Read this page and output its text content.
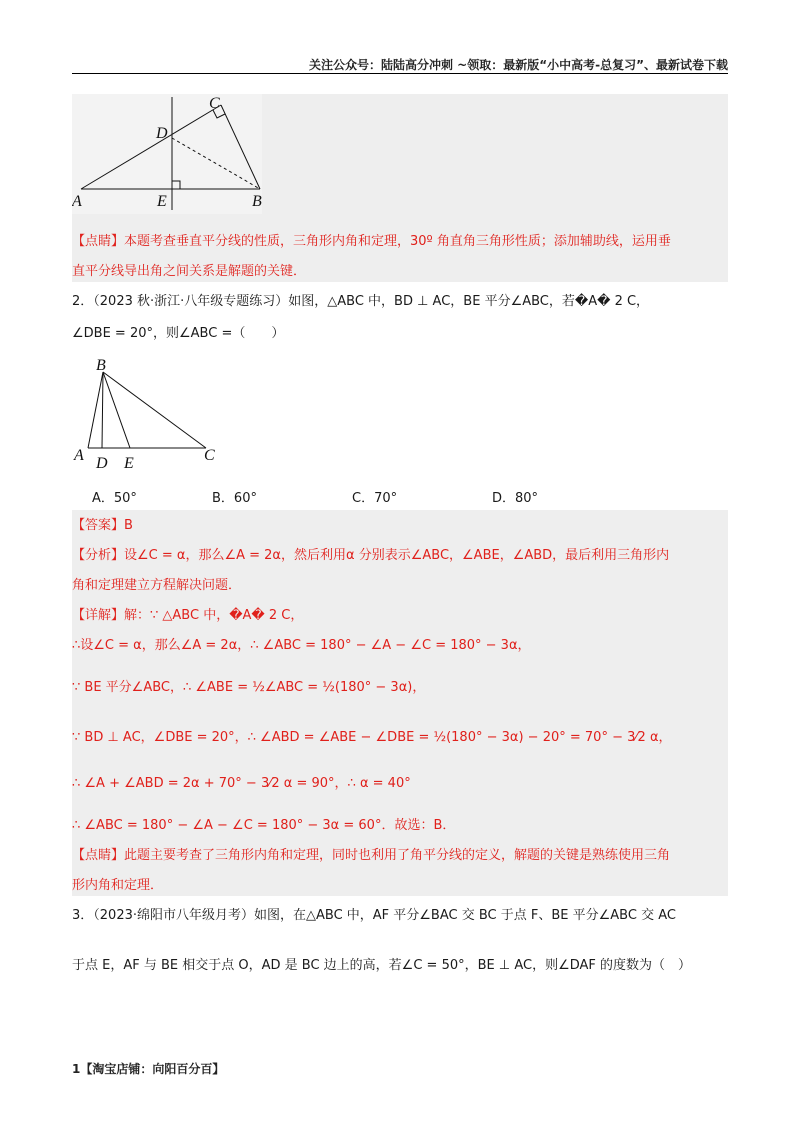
关注公众号：陆陆高分冲刺 ~领取：最新版“小中高考-总复习”、最新试卷下载
C
D
A	E	B
【点睛】本题考查垂直平分线的性质，三角形内角和定理，30º 角直角三角形性质；添加辅助线，运用垂
直平分线导出角之间关系是解题的关键．
2．（2023 秋·浙江·八年级专题练习）如图，△ABC 中，BD ⊥ AC，BE 平分∠ABC，若�A� 2 C，
∠DBE = 20°，则∠ABC =（　　）
B
A D E	C
A．50°	B．60°	C．70°	D．80°
【答案】B
【分析】设∠C = α，那么∠A = 2α，然后利用α 分别表示∠ABC，∠ABE，∠ABD，最后利用三角形内
角和定理建立方程解决问题．
【详解】解：∵ △ABC 中，�A� 2 C，
∴设∠C = α，那么∠A = 2α，∴ ∠ABC = 180° − ∠A − ∠C = 180° − 3α，
∵ BE 平分∠ABC，∴ ∠ABE = ½∠ABC = ½(180° − 3α)，
∵ BD ⊥ AC，∠DBE = 20°，∴ ∠ABD = ∠ABE − ∠DBE = ½(180° − 3α) − 20° = 70° − 3⁄2 α，
∴ ∠A + ∠ABD = 2α + 70° − 3⁄2 α = 90°，∴ α = 40°
∴ ∠ABC = 180° − ∠A − ∠C = 180° − 3α = 60°．故选：B．
【点睛】此题主要考查了三角形内角和定理，同时也利用了角平分线的定义，解题的关键是熟练使用三角
形内角和定理．
3．（2023·绵阳市八年级月考）如图，在△ABC 中，AF 平分∠BAC 交 BC 于点 F、BE 平分∠ABC 交 AC
于点 E，AF 与 BE 相交于点 O，AD 是 BC 边上的高，若∠C = 50°，BE ⊥ AC，则∠DAF 的度数为（　）
1【淘宝店铺：向阳百分百】
